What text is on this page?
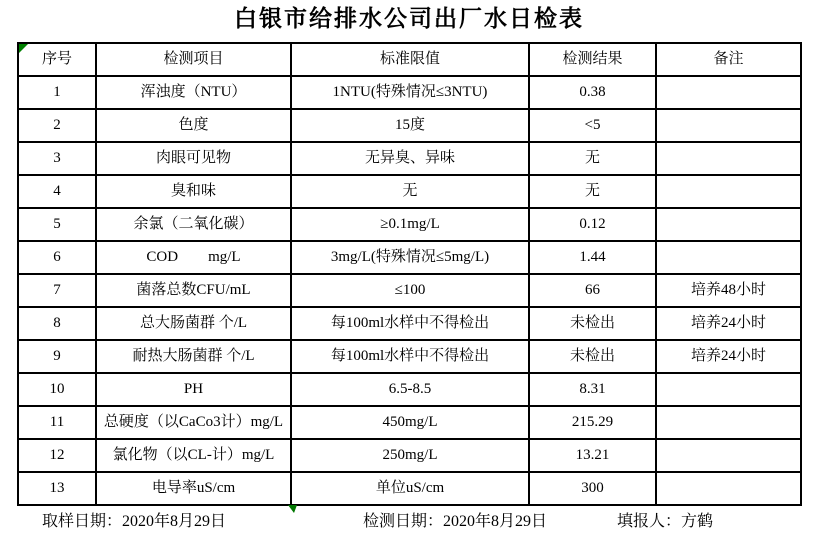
白银市给排水公司出厂水日检表
序号	检测项目	标准限值	检测结果	备注
1	浑浊度（NTU）	1NTU(特殊情况≤3NTU)	0.38	
2	色度	15度	<5	
3	肉眼可见物	无异臭、异味	无	
4	臭和味	无	无	
5	余氯（二氧化碳）	≥0.1mg/L	0.12	
6	COD        mg/L	3mg/L(特殊情况≤5mg/L)	1.44	
7	菌落总数CFU/mL	≤100	66	培养48小时
8	总大肠菌群 个/L	每100ml水样中不得检出	未检出	培养24小时
9	耐热大肠菌群 个/L	每100ml水样中不得检出	未检出	培养24小时
10	PH	6.5-8.5	8.31	
11	总硬度（以CaCo3计）mg/L	450mg/L	215.29	
12	氯化物（以CL-计）mg/L	250mg/L	13.21	
13	电导率uS/cm	单位uS/cm	300	
取样日期：2020年8月29日	检测日期：2020年8月29日	填报人：方鹤
